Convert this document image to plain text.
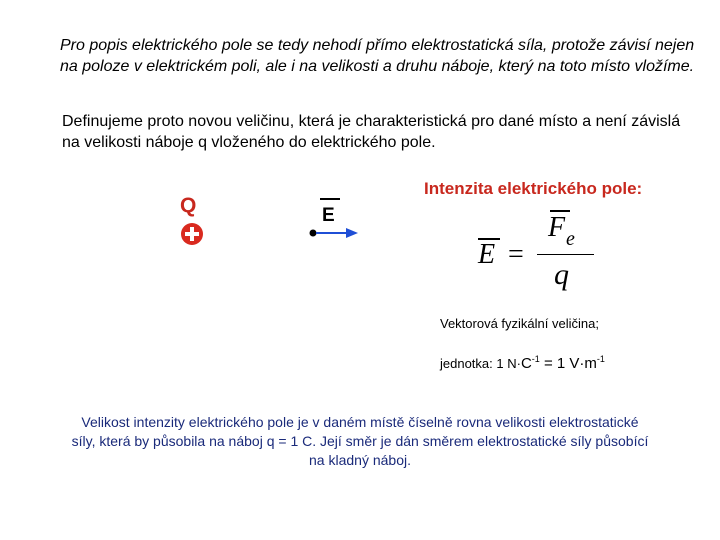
Pro popis elektrického pole se tedy nehodí přímo elektrostatická síla, protože závisí nejen na poloze v elektrickém poli, ale i na velikosti a druhu náboje, který na toto místo vložíme.
Definujeme proto novou veličinu, která je charakteristická pro dané místo a není závislá na velikosti náboje q vloženého do elektrického pole.
Q	E
Intenzita elektrického pole:
E =
F e
q
Vektorová fyzikální veličina;
jednotka: 1 $N\cdot C^{-1} = 1$ $V\cdot m^{-1}$
Velikost intenzity elektrického pole je v daném místě číselně rovna velikosti elektrostatické síly, která by působila na náboj q = 1 C. Její směr je dán směrem elektrostatické síly působící na kladný náboj.
